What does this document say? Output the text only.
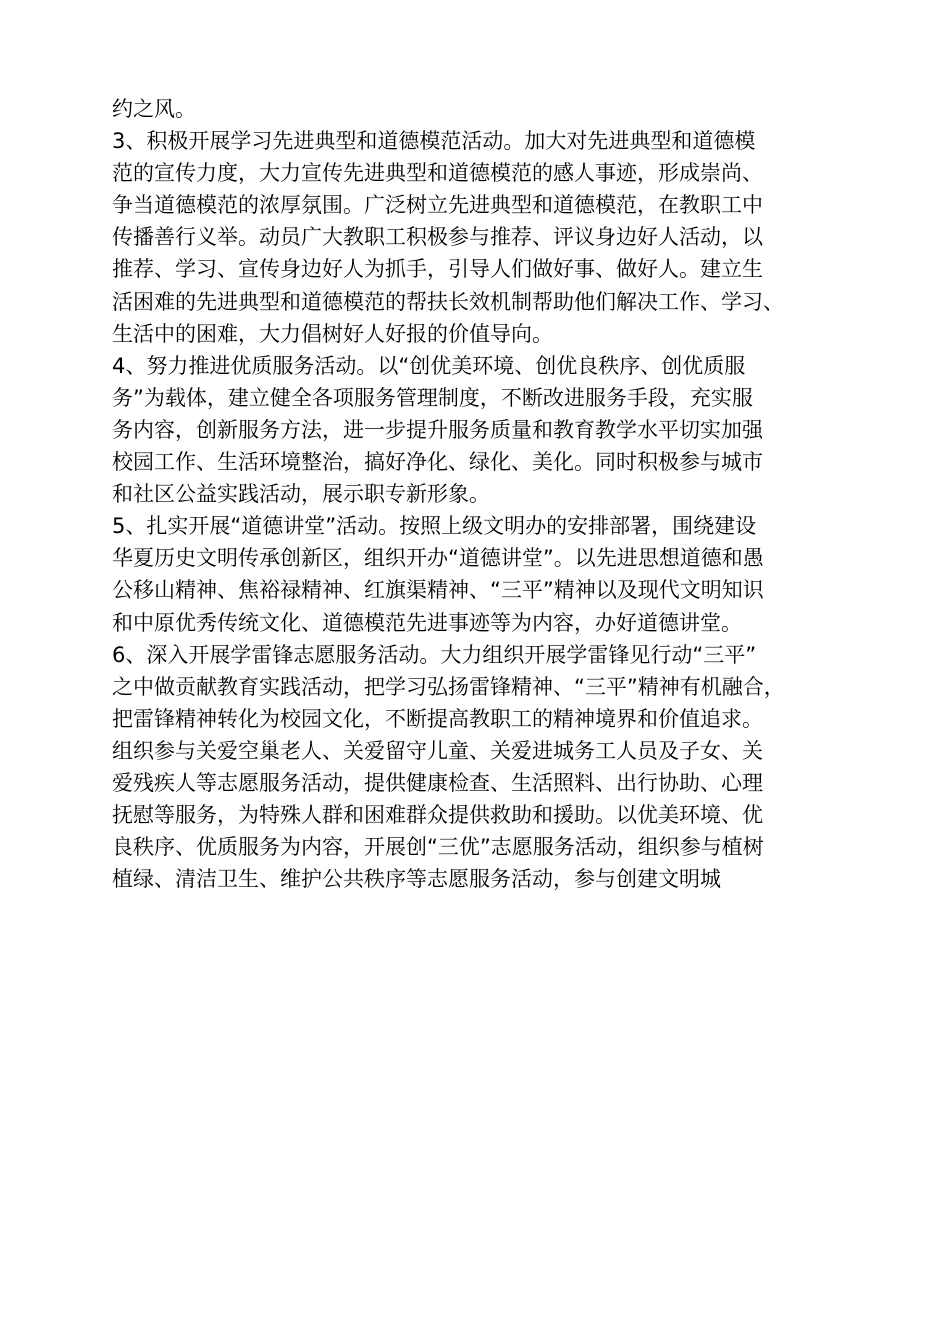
约之风。
3、积极开展学习先进典型和道德模范活动。加大对先进典型和道德模
范的宣传力度，大力宣传先进典型和道德模范的感人事迹，形成崇尚、
争当道德模范的浓厚氛围。广泛树立先进典型和道德模范，在教职工中
传播善行义举。动员广大教职工积极参与推荐、评议身边好人活动，以
推荐、学习、宣传身边好人为抓手，引导人们做好事、做好人。建立生
活困难的先进典型和道德模范的帮扶长效机制帮助他们解决工作、学习、
生活中的困难，大力倡树好人好报的价值导向。
4、努力推进优质服务活动。以“创优美环境、创优良秩序、创优质服
务”为载体，建立健全各项服务管理制度，不断改进服务手段，充实服
务内容，创新服务方法，进一步提升服务质量和教育教学水平切实加强
校园工作、生活环境整治，搞好净化、绿化、美化。同时积极参与城市
和社区公益实践活动，展示职专新形象。
5、扎实开展“道德讲堂”活动。按照上级文明办的安排部署，围绕建设
华夏历史文明传承创新区，组织开办“道德讲堂”。以先进思想道德和愚
公移山精神、焦裕禄精神、红旗渠精神、“三平”精神以及现代文明知识
和中原优秀传统文化、道德模范先进事迹等为内容，办好道德讲堂。
6、深入开展学雷锋志愿服务活动。大力组织开展学雷锋见行动“三平”
之中做贡献教育实践活动，把学习弘扬雷锋精神、“三平”精神有机融合，
把雷锋精神转化为校园文化，不断提高教职工的精神境界和价值追求。
组织参与关爱空巢老人、关爱留守儿童、关爱进城务工人员及子女、关
爱残疾人等志愿服务活动，提供健康检查、生活照料、出行协助、心理
抚慰等服务，为特殊人群和困难群众提供救助和援助。以优美环境、优
良秩序、优质服务为内容，开展创“三优”志愿服务活动，组织参与植树
植绿、清洁卫生、维护公共秩序等志愿服务活动，参与创建文明城
